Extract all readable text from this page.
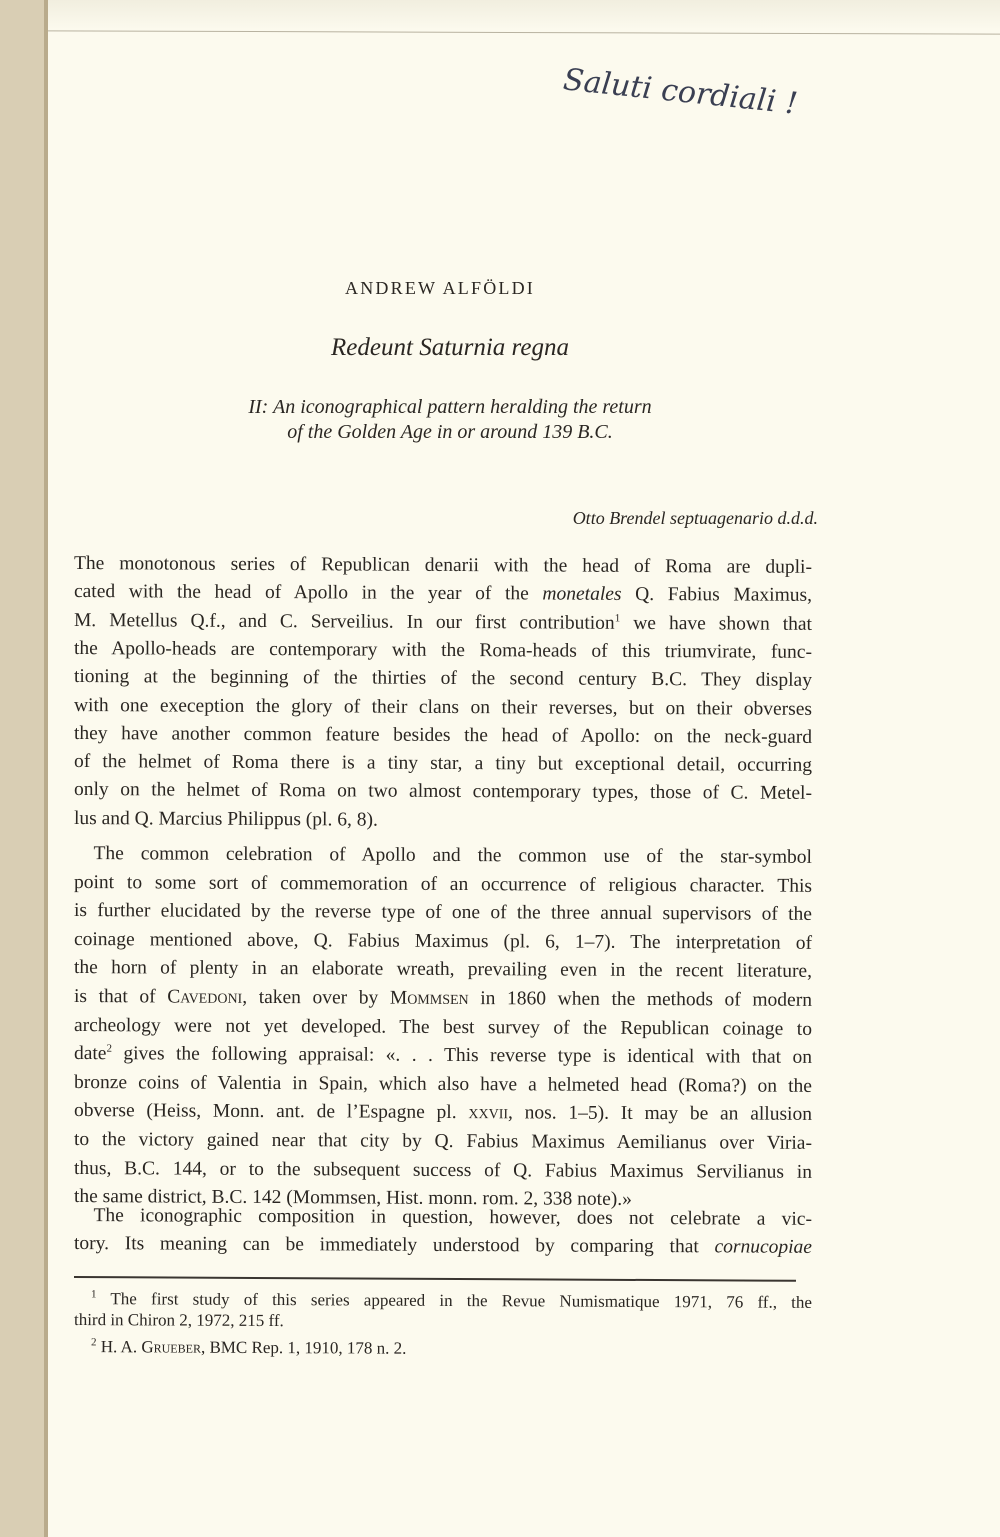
Saluti cordiali !
ANDREW ALFÖLDI
Redeunt Saturnia regna
II: An iconographical pattern heralding the return
of the Golden Age in or around 139 B.C.
Otto Brendel septuagenario d.d.d.
The monotonous series of Republican denarii with the head of Roma are dupli-
cated with the head of Apollo in the year of the monetales Q. Fabius Maximus,
M. Metellus Q.f., and C. Serveilius. In our first contribution$^1$ we have shown that
the Apollo-heads are contemporary with the Roma-heads of this triumvirate, func-
tioning at the beginning of the thirties of the second century B.C. They display
with one exeception the glory of their clans on their reverses, but on their obverses
they have another common feature besides the head of Apollo: on the neck-guard
of the helmet of Roma there is a tiny star, a tiny but exceptional detail, occurring
only on the helmet of Roma on two almost contemporary types, those of C. Metel-
lus and Q. Marcius Philippus (pl. 6, 8).
 The common celebration of Apollo and the common use of the star-symbol
point to some sort of commemoration of an occurrence of religious character. This
is further elucidated by the reverse type of one of the three annual supervisors of the
coinage mentioned above, Q. Fabius Maximus (pl. 6, 1–7). The interpretation of
the horn of plenty in an elaborate wreath, prevailing even in the recent literature,
is that of Cavedoni, taken over by Mommsen in 1860 when the methods of modern
archeology were not yet developed. The best survey of the Republican coinage to
date$^2$ gives the following appraisal: «. . . This reverse type is identical with that on
bronze coins of Valentia in Spain, which also have a helmeted head (Roma?) on the
obverse (Heiss, Monn. ant. de l’Espagne pl. xxvii, nos. 1–5). It may be an allusion
to the victory gained near that city by Q. Fabius Maximus Aemilianus over Viria-
thus, B.C. 144, or to the subsequent success of Q. Fabius Maximus Servilianus in
the same district, B.C. 142 (Mommsen, Hist. monn. rom. 2, 338 note).»
 The iconographic composition in question, however, does not celebrate a vic-
tory. Its meaning can be immediately understood by comparing that cornucopiae
 $^1$ The first study of this series appeared in the Revue Numismatique 1971, 76 ff., the
third in Chiron 2, 1972, 215 ff.
 $^2$ H. A. Grueber, BMC Rep. 1, 1910, 178 n. 2.
